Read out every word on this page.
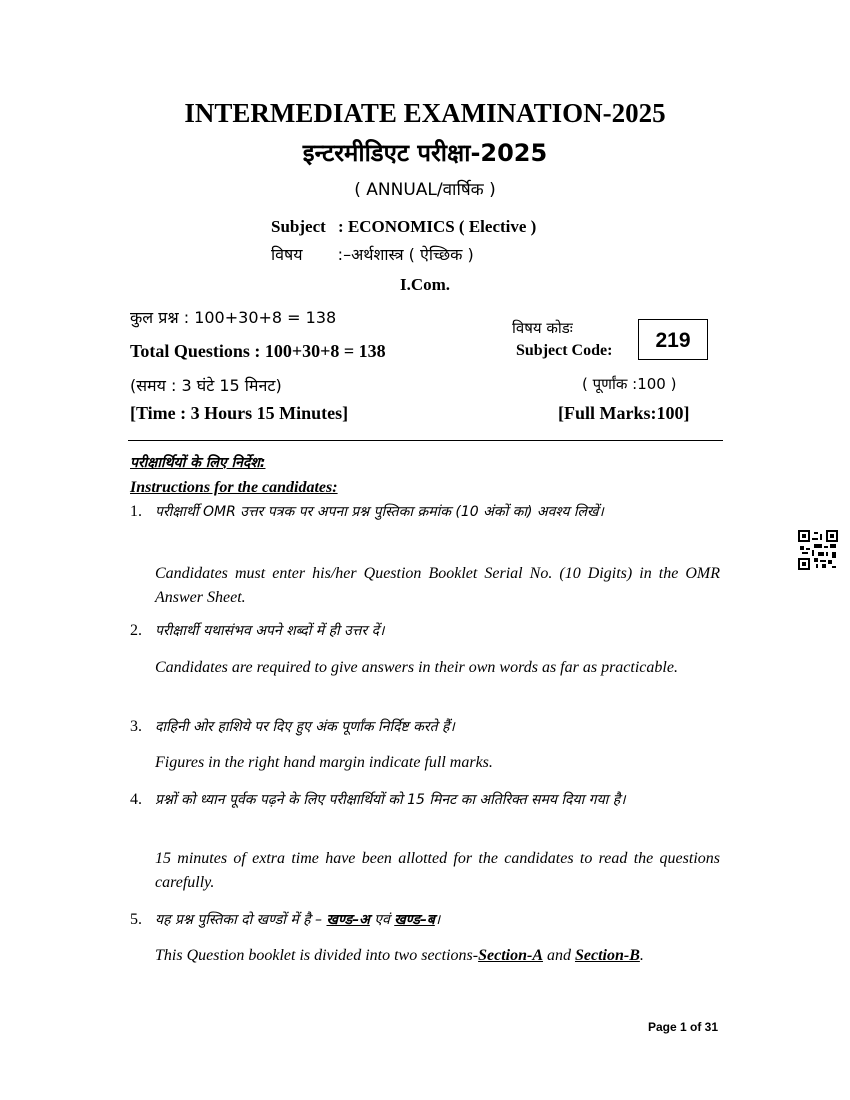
INTERMEDIATE EXAMINATION-2025
इन्टरमीडिएट परीक्षा-2025
( ANNUAL/वार्षिक )
Subject : ECONOMICS ( Elective )
विषय :–अर्थशास्त्र ( ऐच्छिक )
I.Com.
कुल प्रश्न : 100+30+8 = 138
Total Questions : 100+30+8 = 138
(समय : 3 घंटे 15 मिनट)
[Time : 3 Hours 15 Minutes]
विषय कोडः
Subject Code:	219
( पूर्णांक :100 )
[Full Marks:100]
परीक्षार्थियों के लिए निर्देश:
Instructions for the candidates:
1. परीक्षार्थी OMR उत्तर पत्रक पर अपना प्रश्न पुस्तिका क्रमांक (10 अंकों का) अवश्य लिखें।
Candidates must enter his/her Question Booklet Serial No. (10 Digits) in the OMR Answer Sheet.
2. परीक्षार्थी यथासंभव अपने शब्दों में ही उत्तर दें।
Candidates are required to give answers in their own words as far as practicable.
3. दाहिनी ओर हाशिये पर दिए हुए अंक पूर्णांक निर्दिष्ट करते हैं।
Figures in the right hand margin indicate full marks.
4. प्रश्नों को ध्यान पूर्वक पढ़ने के लिए परीक्षार्थियों को 15 मिनट का अतिरिक्त समय दिया गया है।
15 minutes of extra time have been allotted for the candidates to read the questions carefully.
5. यह प्रश्न पुस्तिका दो खण्डों में है – खण्ड–अ एवं खण्ड–ब।
This Question booklet is divided into two sections-Section-A and Section-B.
Page 1 of 31
